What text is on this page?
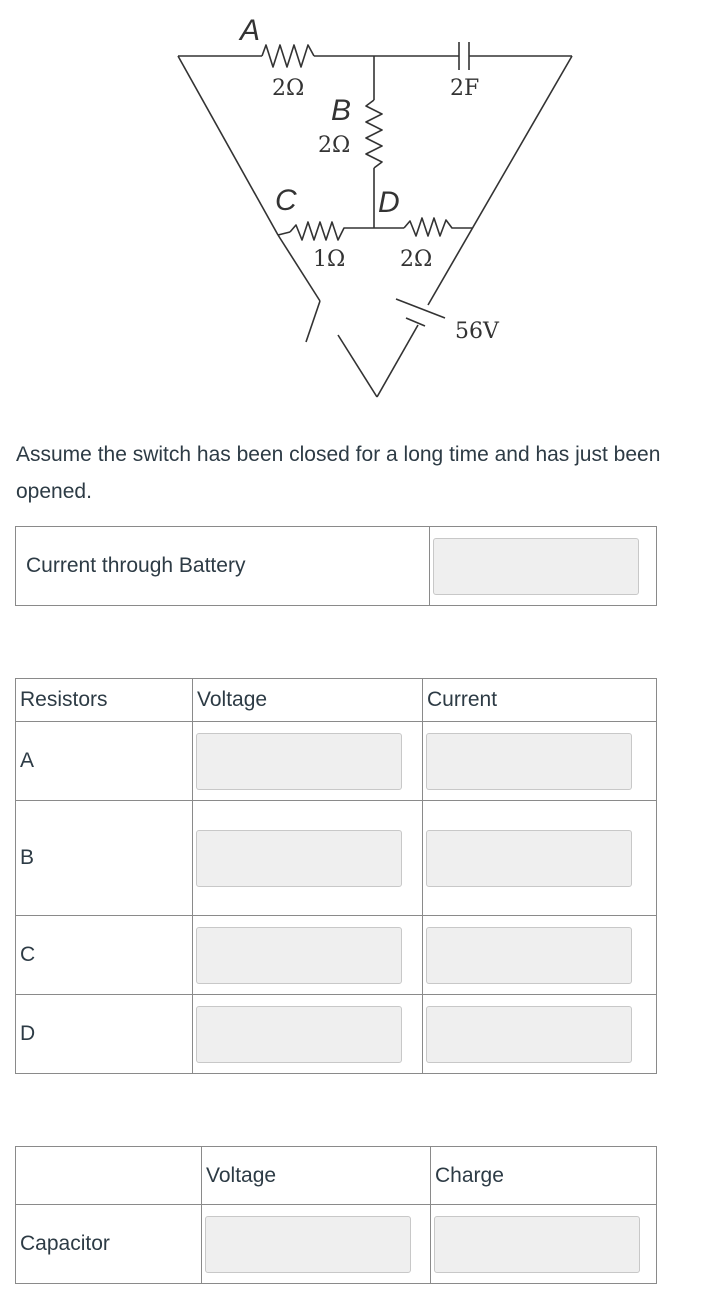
A
B
C	D
2Ω
2Ω
1Ω 2Ω
2F
56V
Assume the switch has been closed for a long time and has just been opened.
Current through Battery	
Resistors	Voltage	Current
A	

B	

C	

D	

	Voltage	Charge
Capacitor	
